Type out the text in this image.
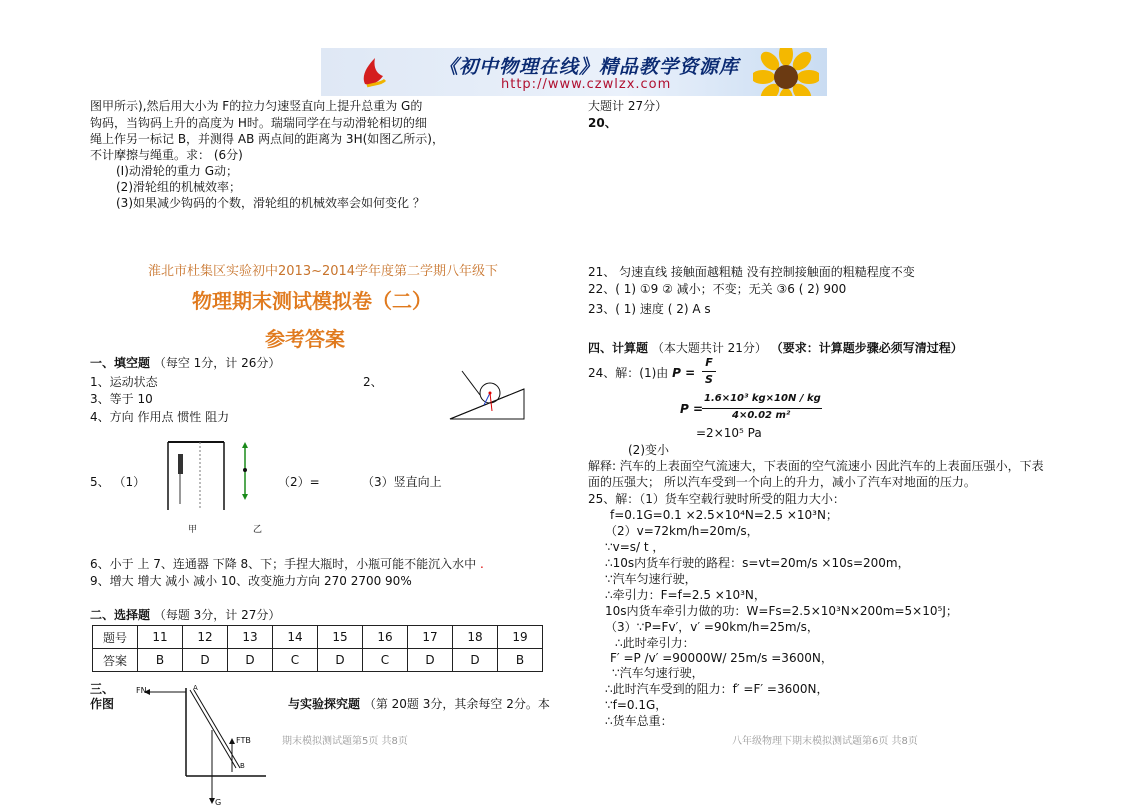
《初中物理在线》精品教学资源库
http://www.czwlzx.com
图甲所示),然后用大小为 F的拉力匀速竖直向上提升总重为 G的
钩码，当钩码上升的高度为 H时。瑞瑞同学在与动滑轮相切的细
绳上作另一标记 B，并测得 AB 两点间的距离为 3H(如图乙所示)，
不计摩擦与绳重。求： (6分)
(I)动滑轮的重力 G动；
(2)滑轮组的机械效率；
(3)如果减少钩码的个数，滑轮组的机械效率会如何变化 ？
淮北市杜集区实验初中2013~2014学年度第二学期八年级下
物理期末测试模拟卷（二）
参考答案
一、填空题 （每空 1分，计 26分）
1、运动状态	2、
3、等于 10
4、方向 作用点 惯性 阻力
5、 （1）
甲	乙
（2）=	（3）竖直向上
6、小于 上 7、连通器 下降 8、下；手捏大瓶时，小瓶可能不能沉入水中 .
9、增大 增大 减小 减小 10、改变施力方向 270 2700 90%
二、选择题 （每题 3分，计 27分）
题号	11	12	13	14	15	16	17	18	19
答案	B	D	D	C	D	C	D	D	B
三、
作图	与实验探究题 （第 20题 3分，其余每空 2分。本
FN
FTB
A
B
G
期末模拟测试题第5页 共8页
大题计 27分）
20、
21、 匀速直线 接触面越粗糙 没有控制接触面的粗糙程度不变
22、( 1) ①9 ② 减小；不变；无关 ③6 ( 2) 900
23、( 1) 速度 ( 2) A s
四、计算题 （本大题共计 21分） （要求：计算题步骤必须写清过程）
24、解：(1)由 P =
F
S
P =
1.6×10³ kg×10N / kg
4×0.02 m²
=2×10⁵ Pa
(2)变小
解释: 汽车的上表面空气流速大，下表面的空气流速小 因此汽车的上表面压强小，下表
面的压强大； 所以汽车受到一个向上的升力，减小了汽车对地面的压力。
25、解：（1）货车空载行驶时所受的阻力大小：
f=0.1G=0.1 ×2.5×10⁴N=2.5 ×10³N；
（2）v=72km/h=20m/s，
∵v=s/ t ，
∴10s内货车行驶的路程：s=vt=20m/s ×10s=200m，
∵汽车匀速行驶，
∴牵引力：F=f=2.5 ×10³N，
10s内货车牵引力做的功：W=Fs=2.5×10³N×200m=5×10⁵J；
（3）∵P=Fv′，v′ =90km/h=25m/s，
∴此时牵引力：
F′ =P /v′ =90000W/ 25m/s =3600N，
∵汽车匀速行驶，
∴此时汽车受到的阻力：f′ =F′ =3600N，
∵f=0.1G，
∴货车总重：
八年级物理下期末模拟测试题第6页 共8页
